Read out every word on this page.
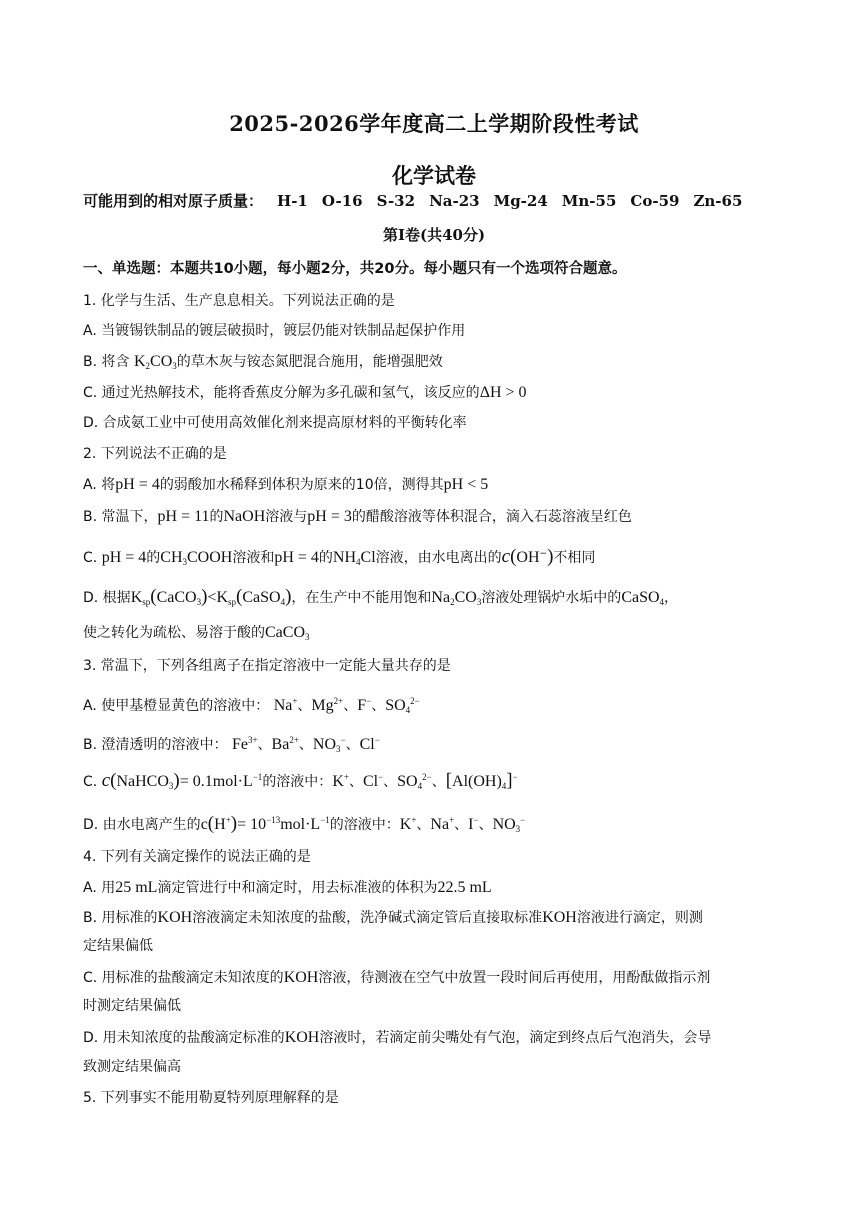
2025-2026学年度高二上学期阶段性考试
化学试卷
可能用到的相对原子质量： H-1 O-16 S-32 Na-23 Mg-24 Mn-55 Co-59 Zn-65
第Ⅰ卷(共40分)
一、单选题：本题共10小题，每小题2分，共20分。每小题只有一个选项符合题意。
1. 化学与生活、生产息息相关。下列说法正确的是
A. 当镀锡铁制品的镀层破损时，镀层仍能对铁制品起保护作用
B. 将含 $K_2CO_3$的草木灰与铵态氮肥混合施用，能增强肥效
C. 通过光热解技术，能将香蕉皮分解为多孔碳和氢气，该反应的ΔH > 0
D. 合成氨工业中可使用高效催化剂来提高原材料的平衡转化率
2. 下列说法不正确的是
A. 将pH = 4的弱酸加水稀释到体积为原来的10倍，测得其pH < 5
B. 常温下，pH = 11的NaOH溶液与pH = 3的醋酸溶液等体积混合，滴入石蕊溶液呈红色
C. pH = 4的$CH_3COOH$溶液和pH = 4的$NH_4Cl$溶液，由水电离出的c(OH−)不相同
D. 根据$K_{sp}(CaCO_3)<K_{sp}(CaSO_4)$，在生产中不能用饱和$Na_2CO_3$溶液处理锅炉水垢中的CaSO$_4$，
使之转化为疏松、易溶于酸的CaCO$_3$
3. 常温下，下列各组离子在指定溶液中一定能大量共存的是
A. 使甲基橙显黄色的溶液中： Na+、$Mg^{2+}$、F−、$SO_4^{2-}$
B. 澄清透明的溶液中： $Fe^{3+}$、$Ba^{2+}$、$NO_3^-$、Cl−
C. c(NaHCO$_3$)= $0.1mol\cdot L^{-1}$的溶液中：K+、Cl−、$SO_4^{2-}$、$[Al(OH)_4]^-$
D. 由水电离产生的$c(H^+)= 10^{-13}mol\cdot L^{-1}$的溶液中：K+、Na+、I−、$NO_3^-$
4. 下列有关滴定操作的说法正确的是
A. 用25 mL滴定管进行中和滴定时，用去标准液的体积为22.5 mL
B. 用标准的KOH溶液滴定未知浓度的盐酸，洗净碱式滴定管后直接取标准KOH溶液进行滴定，则测
定结果偏低
C. 用标准的盐酸滴定未知浓度的KOH溶液，待测液在空气中放置一段时间后再使用，用酚酞做指示剂
时测定结果偏低
D. 用未知浓度的盐酸滴定标准的KOH溶液时，若滴定前尖嘴处有气泡，滴定到终点后气泡消失，会导
致测定结果偏高
5. 下列事实不能用勒夏特列原理解释的是
